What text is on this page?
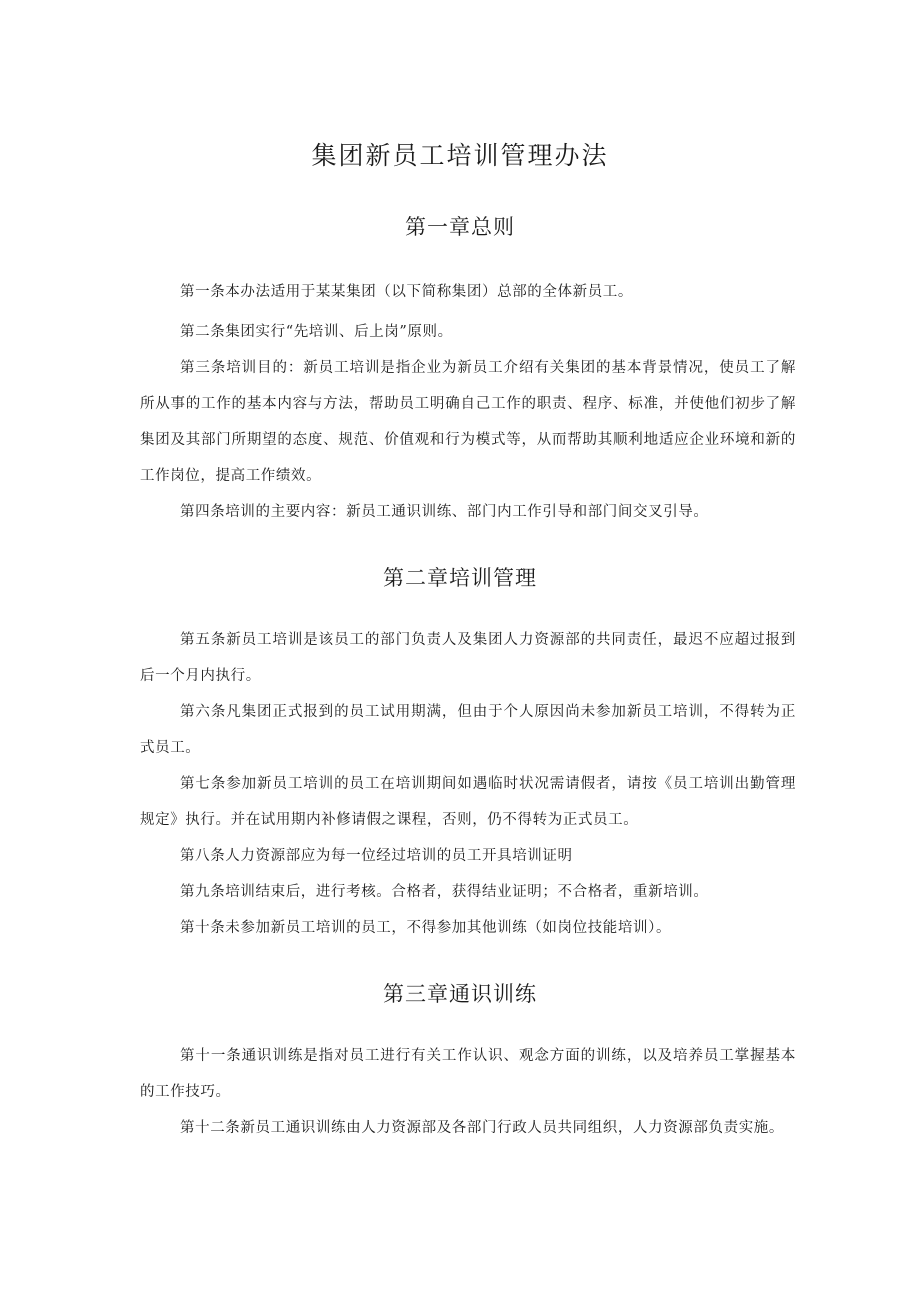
集团新员工培训管理办法
第一章总则

第一条本办法适用于某某集团（以下简称集团）总部的全体新员工。

第二条集团实行“先培训、后上岗”原则。

第三条培训目的：新员工培训是指企业为新员工介绍有关集团的基本背景情况，使员工了解所从事的工作的基本内容与方法，帮助员工明确自己工作的职责、程序、标准，并使他们初步了解集团及其部门所期望的态度、规范、价值观和行为模式等，从而帮助其顺利地适应企业环境和新的工作岗位，提高工作绩效。

第四条培训的主要内容：新员工通识训练、部门内工作引导和部门间交叉引导。

第二章培训管理

第五条新员工培训是该员工的部门负责人及集团人力资源部的共同责任，最迟不应超过报到后一个月内执行。

第六条凡集团正式报到的员工试用期满，但由于个人原因尚未参加新员工培训，不得转为正式员工。

第七条参加新员工培训的员工在培训期间如遇临时状况需请假者，请按《员工培训出勤管理规定》执行。并在试用期内补修请假之课程，否则，仍不得转为正式员工。

第八条人力资源部应为每一位经过培训的员工开具培训证明

第九条培训结束后，进行考核。合格者，获得结业证明；不合格者，重新培训。

第十条未参加新员工培训的员工，不得参加其他训练（如岗位技能培训）。

第三章通识训练

第十一条通识训练是指对员工进行有关工作认识、观念方面的训练，以及培养员工掌握基本的工作技巧。

第十二条新员工通识训练由人力资源部及各部门行政人员共同组织，人力资源部负责实施。
